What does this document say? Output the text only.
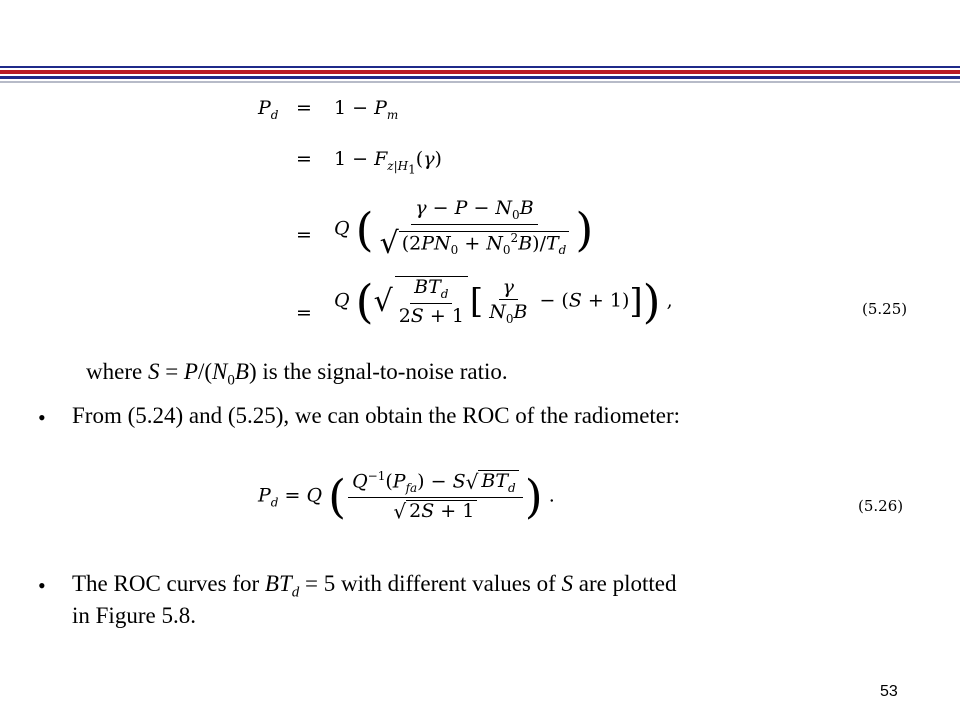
$P_d = 1 - P_m$
= $1 - F_{z|H_1}(\gamma)$
= Q ( $\frac{\gamma - P - N_0B}{√ (2PN_0 + N_0^2B)/T_d}$ )
=
Q (√ $\frac{BT_d}{2S + 1}$ [ $\frac{\gamma}{N_0B} - (S + 1)$]) ,	(5.25)
where $S = P/(N_0B)$ is the signal-to-noise ratio.
• From (5.24) and (5.25), we can obtain the ROC of the radiometer:
$P_d = Q$ ( $\frac{Q^{-1}(P_{fa}) - S√ BT_d}{√ 2S + 1}$ ) .	(5.26)
• The ROC curves for $BT_d = 5$ with different values of S are plotted
in Figure 5.8.
53
